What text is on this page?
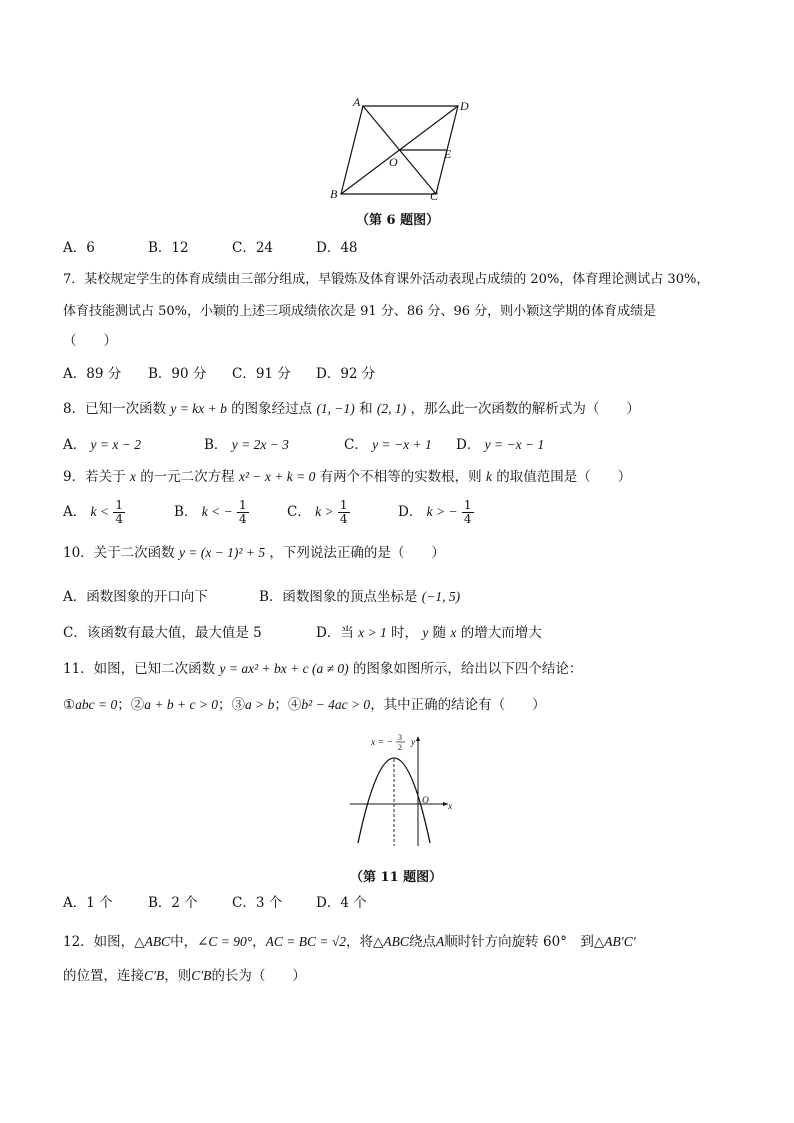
A	D
O
E
B	C
（第 6 题图）
A．6	B．12	C．24	D．48
7．某校规定学生的体育成绩由三部分组成，早锻炼及体育课外活动表现占成绩的 20%，体育理论测试占 30%，
体育技能测试占 50%，小颖的上述三项成绩依次是 91 分、86 分、96 分，则小颖这学期的体育成绩是
（　　）
A．89 分 B．90 分 C．91 分 D．92 分
8．已知一次函数 y = kx + b 的图象经过点 (1, −1) 和 (2, 1) ，那么此一次函数的解析式为（　　）
A． y = x − 2	B． y = 2x − 3	C． y = −x + 1 D． y = −x − 1
9．若关于 x 的一元二次方程 x² − x + k = 0 有两个不相等的实数根，则 k 的取值范围是（　　）
A． $k < \frac{1}{4}$	B． k < − $\frac{1}{4}$	C． $k > \frac{1}{4}$	D． k > − $\frac{1}{4}$
10．关于二次函数 y = (x − 1)² + 5 ，下列说法正确的是（　　）
A．函数图象的开口向下	B．函数图象的顶点坐标是 (−1, 5)
C．该函数有最大值，最大值是 5	D．当 x > 1 时， y 随 x 的增大而增大
11．如图，已知二次函数 y = ax² + bx + c (a ≠ 0) 的图象如图所示，给出以下四个结论：
①abc = 0；②a + b + c > 0；③a > b；④b² − 4ac > 0，其中正确的结论有（　　）
x = −
3
2 y
x
O
（第 11 题图）
A．1 个	B．2 个	C．3 个	D．4 个
12．如图，△ABC中，∠C = 90°，AC = BC = √2，将△ABC绕点A顺时针方向旋转 60°　到△AB′C′
的位置，连接C′B，则C′B的长为（　　）
